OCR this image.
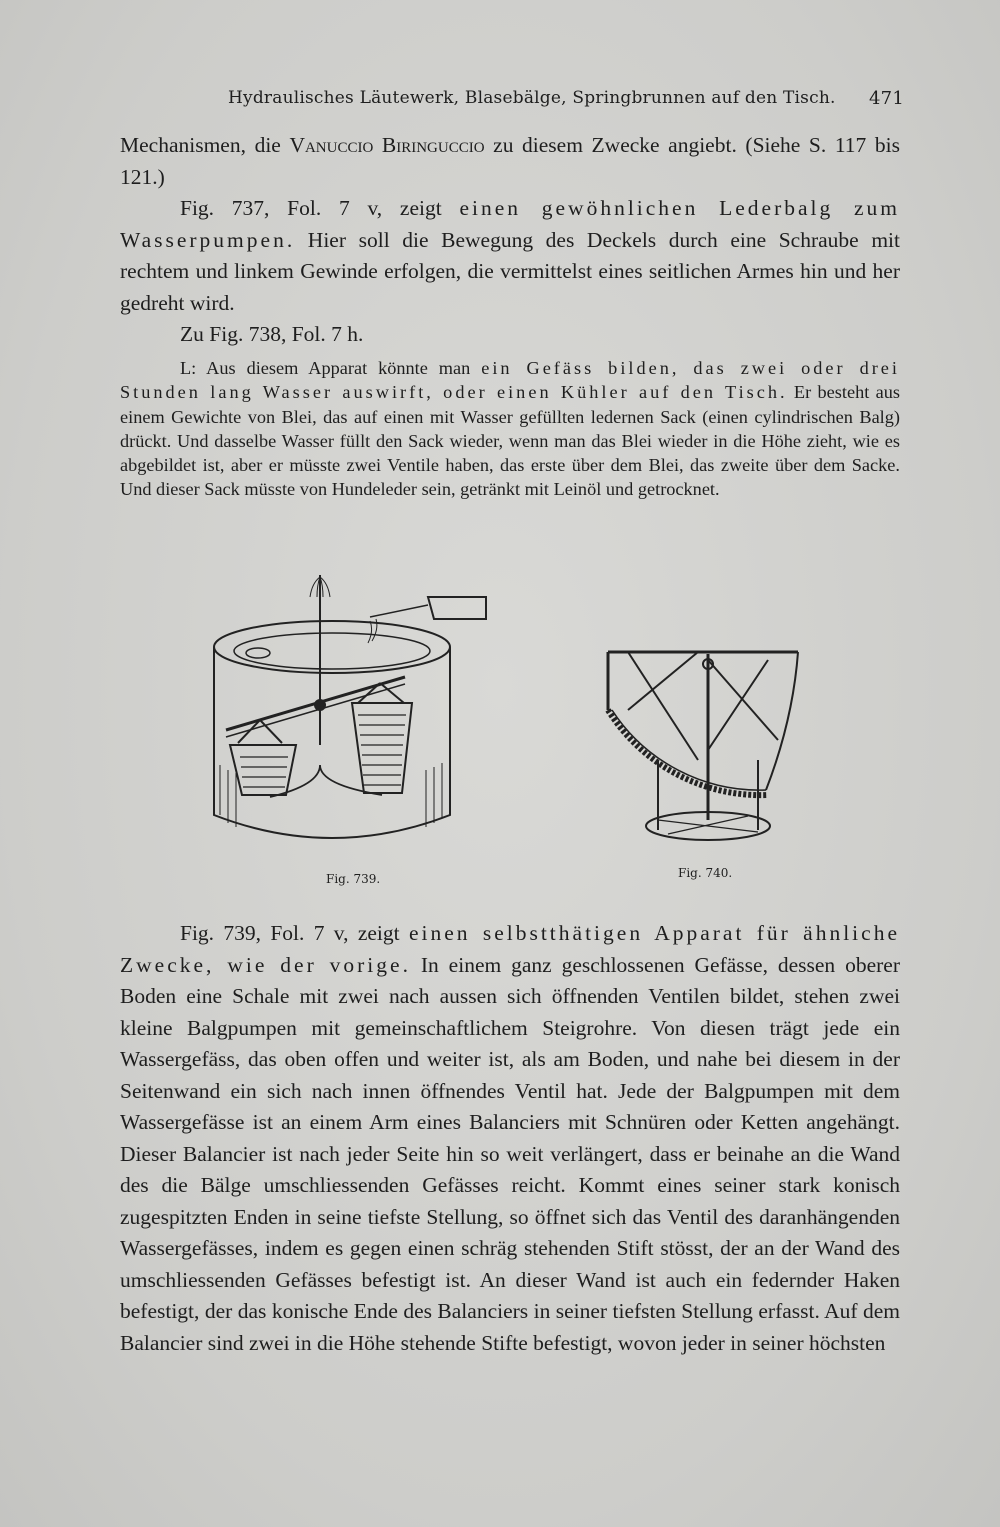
Hydraulisches Läutewerk, Blasebälge, Springbrunnen auf den Tisch. 471

Mechanismen, die Vanuccio Biringuccio zu diesem Zwecke angiebt. (Siehe S. 117 bis 121.)

Fig. 737, Fol. 7 v, zeigt einen gewöhnlichen Lederbalg zum Wasserpumpen. Hier soll die Bewegung des Deckels durch eine Schraube mit rechtem und linkem Gewinde erfolgen, die vermittelst eines seitlichen Armes hin und her gedreht wird.

Zu Fig. 738, Fol. 7 h.

L: Aus diesem Apparat könnte man ein Gefäss bilden, das zwei oder drei Stunden lang Wasser auswirft, oder einen Kühler auf den Tisch. Er besteht aus einem Gewichte von Blei, das auf einen mit Wasser gefüllten ledernen Sack (einen cylindrischen Balg) drückt. Und dasselbe Wasser füllt den Sack wieder, wenn man das Blei wieder in die Höhe zieht, wie es abgebildet ist, aber er müsste zwei Ventile haben, das erste über dem Blei, das zweite über dem Sacke. Und dieser Sack müsste von Hundeleder sein, getränkt mit Leinöl und getrocknet.

Fig. 739.	Fig. 740.

Fig. 739, Fol. 7 v, zeigt einen selbstthätigen Apparat für ähnliche Zwecke, wie der vorige. In einem ganz geschlossenen Gefässe, dessen oberer Boden eine Schale mit zwei nach aussen sich öffnenden Ventilen bildet, stehen zwei kleine Balgpumpen mit gemeinschaftlichem Steigrohre. Von diesen trägt jede ein Wassergefäss, das oben offen und weiter ist, als am Boden, und nahe bei diesem in der Seitenwand ein sich nach innen öffnendes Ventil hat. Jede der Balgpumpen mit dem Wassergefässe ist an einem Arm eines Balanciers mit Schnüren oder Ketten angehängt. Dieser Balancier ist nach jeder Seite hin so weit verlängert, dass er beinahe an die Wand des die Bälge umschliessenden Gefässes reicht. Kommt eines seiner stark konisch zugespitzten Enden in seine tiefste Stellung, so öffnet sich das Ventil des daranhängenden Wassergefässes, indem es gegen einen schräg stehenden Stift stösst, der an der Wand des umschliessenden Gefässes befestigt ist. An dieser Wand ist auch ein federnder Haken befestigt, der das konische Ende des Balanciers in seiner tiefsten Stellung erfasst. Auf dem Balancier sind zwei in die Höhe stehende Stifte befestigt, wovon jeder in seiner höchsten
